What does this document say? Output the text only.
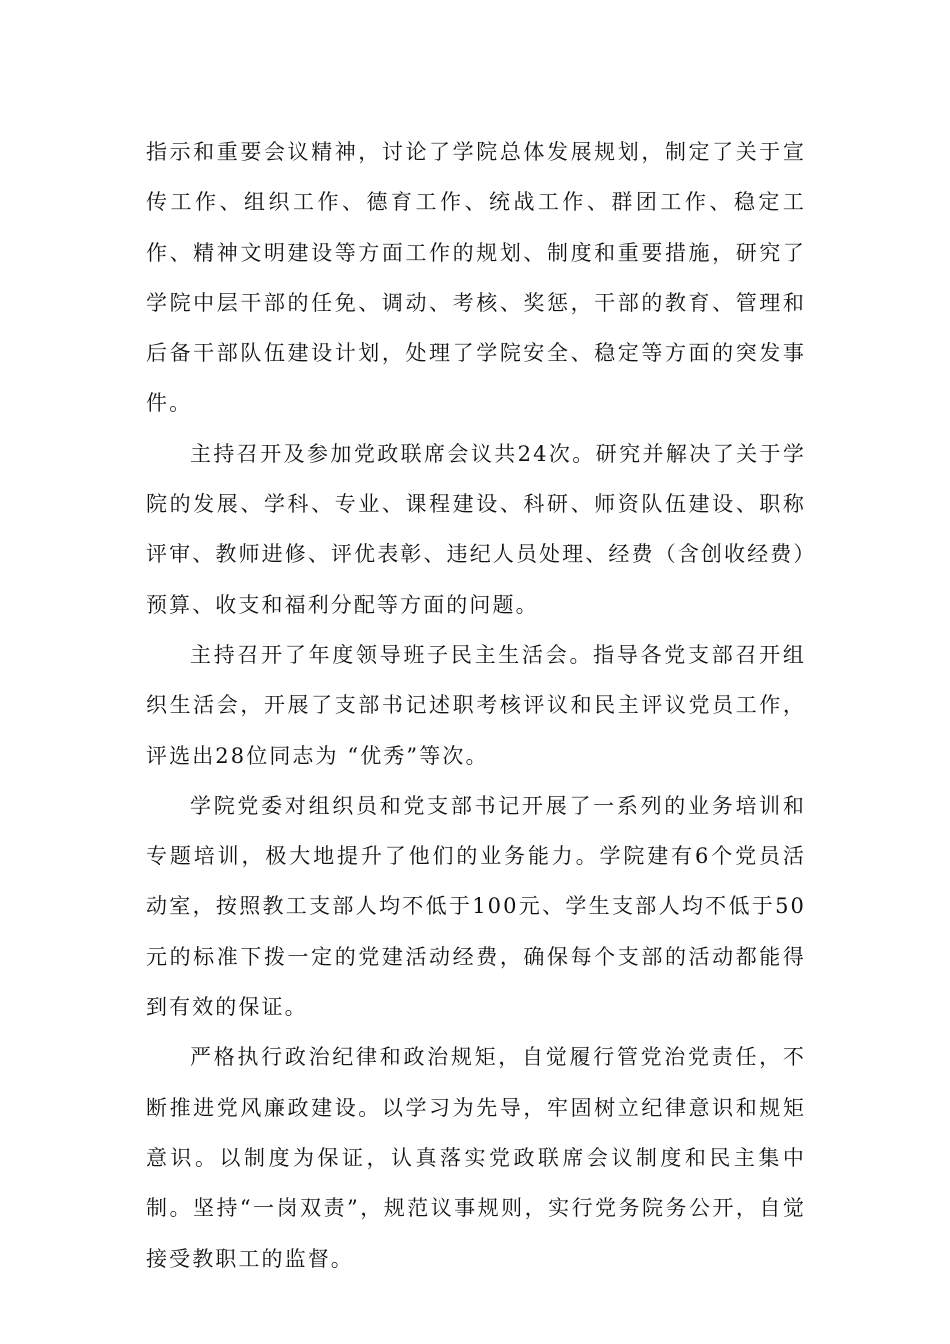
指示和重要会议精神，讨论了学院总体发展规划，制定了关于宣传工作、组织工作、德育工作、统战工作、群团工作、稳定工作、精神文明建设等方面工作的规划、制度和重要措施，研究了学院中层干部的任免、调动、考核、奖惩，干部的教育、管理和后备干部队伍建设计划，处理了学院安全、稳定等方面的突发事件。

主持召开及参加党政联席会议共24次。研究并解决了关于学院的发展、学科、专业、课程建设、科研、师资队伍建设、职称评审、教师进修、评优表彰、违纪人员处理、经费（含创收经费）预算、收支和福利分配等方面的问题。

主持召开了年度领导班子民主生活会。指导各党支部召开组织生活会，开展了支部书记述职考核评议和民主评议党员工作，评选出28位同志为 “优秀”等次。

学院党委对组织员和党支部书记开展了一系列的业务培训和专题培训，极大地提升了他们的业务能力。学院建有6个党员活动室，按照教工支部人均不低于100元、学生支部人均不低于50元的标准下拨一定的党建活动经费，确保每个支部的活动都能得到有效的保证。

严格执行政治纪律和政治规矩，自觉履行管党治党责任，不断推进党风廉政建设。以学习为先导，牢固树立纪律意识和规矩意识。以制度为保证，认真落实党政联席会议制度和民主集中制。坚持“一岗双责”，规范议事规则，实行党务院务公开，自觉接受教职工的监督。
